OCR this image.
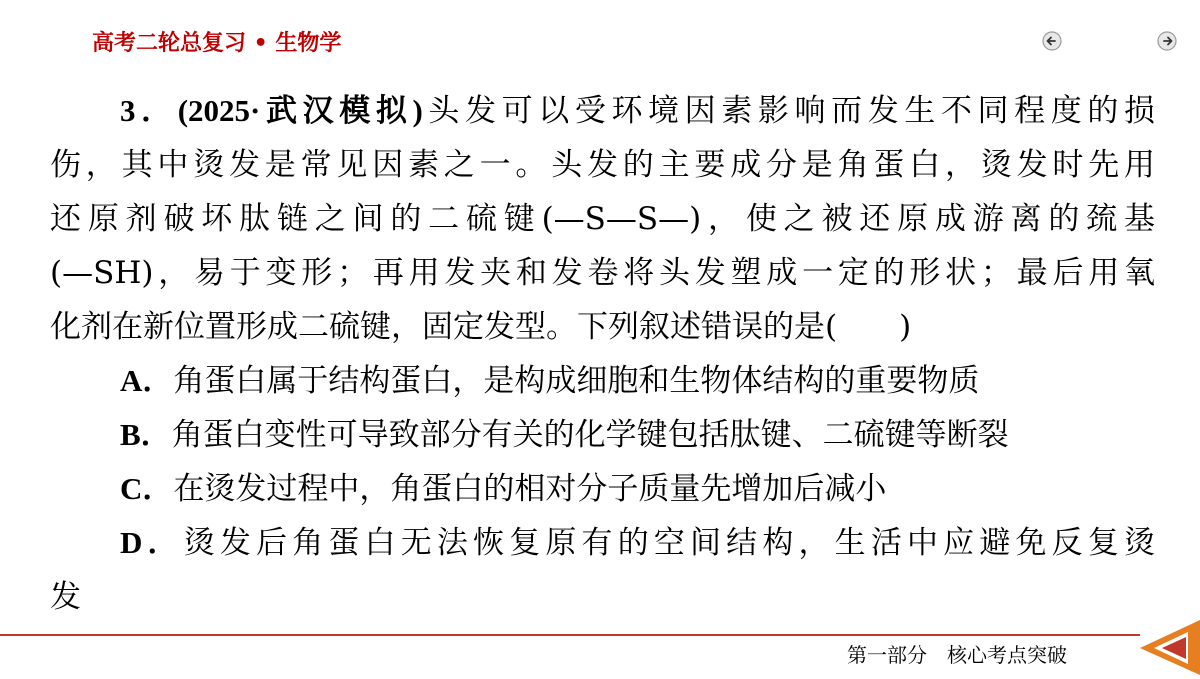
高考二轮总复习 • 生物学
3．(2025·武汉模拟)头发可以受环境因素影响而发生不同程度的损
伤，其中烫发是常见因素之一。头发的主要成分是角蛋白，烫发时先用
还原剂破坏肽链之间的二硫键(—S—S—)，使之被还原成游离的巯基
(—SH)，易于变形；再用发夹和发卷将头发塑成一定的形状；最后用氧
化剂在新位置形成二硫键，固定发型。下列叙述错误的是(　　)
A．角蛋白属于结构蛋白，是构成细胞和生物体结构的重要物质
B．角蛋白变性可导致部分有关的化学键包括肽键、二硫键等断裂
C．在烫发过程中，角蛋白的相对分子质量先增加后减小
D．烫发后角蛋白无法恢复原有的空间结构，生活中应避免反复烫
发
第一部分　核心考点突破
